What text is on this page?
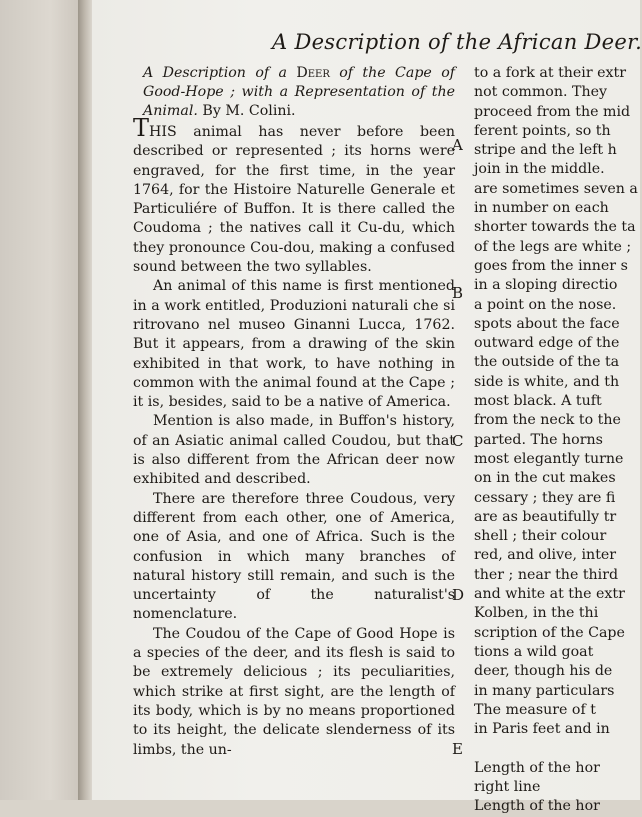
A Description of the African Deer.

A Description of a Deer of the Cape of Good-Hope ; with a Representation of the Animal. By M. Colini.

THIS animal has never before been described or represented ; its horns were engraved, for the first time, in the year 1764, for the Histoire Naturelle Generale et Particuliére of Buffon. It is there called the Coudoma ; the natives call it Cu-du, which they pronounce Cou-dou, making a confused sound between the two syllables.

An animal of this name is first mentioned in a work entitled, Produzioni naturali che si ritrovano nel museo Ginanni Lucca, 1762. But it appears, from a drawing of the skin exhibited in that work, to have nothing in common with the animal found at the Cape ; it is, besides, said to be a native of America.

Mention is also made, in Buffon's history, of an Asiatic animal called Coudou, but that is also different from the African deer now exhibited and described.

There are therefore three Coudous, very different from each other, one of America, one of Asia, and one of Africa. Such is the confusion in which many branches of natural history still remain, and such is the uncertainty of the naturalist's nomenclature.

The Coudou of the Cape of Good Hope is a species of the deer, and its flesh is said to be extremely delicious ; its peculiarities, which strike at first sight, are the length of its body, which is by no means proportioned to its height, the delicate slenderness of its limbs, the un-

A
B
C
D
E
to a fork at their extr
not common. They
proceed from the mid
ferent points, so th
stripe and the left h
join in the middle.
are sometimes seven a
in number on each
shorter towards the ta
of the legs are white ;
goes from the inner s
in a sloping directio
a point on the nose.
spots about the face
outward edge of the
the outside of the ta
side is white, and th
most black. A tuft
from the neck to the
parted. The horns
most elegantly turne
on in the cut makes
cessary ; they are fi
are as beautifully tr
shell ; their colour
red, and olive, inter
ther ; near the third
and white at the extr
Kolben, in the thi
scription of the Cape
tions a wild goat
deer, though his de
in many particulars
The measure of t
in Paris feet and in
Length of the hor
right line
Length of the hor
